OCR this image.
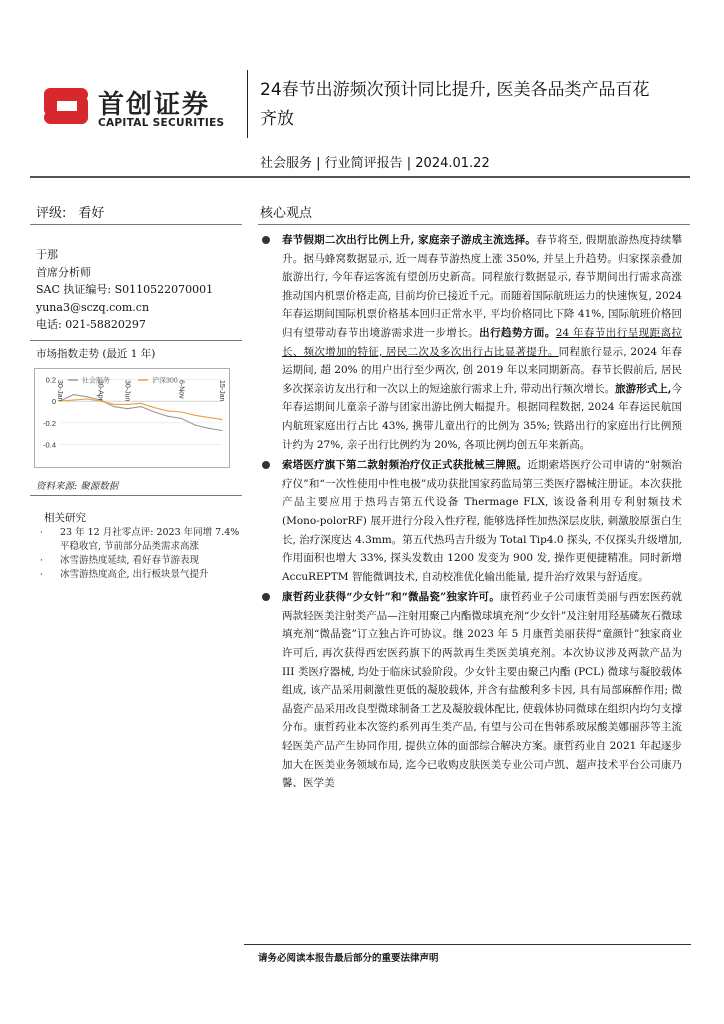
首创证券
CAPITAL SECURITIES
24春节出游频次预计同比提升, 医美各品类产品百花
齐放
社会服务 | 行业简评报告 | 2024.01.22
评级: 看好	核心观点
于那
首席分析师
SAC 执证编号: S0110522070001
yuna3@sczq.com.cn
电话: 021-58820297
市场指数走势 (最近 1 年)
0.2
0
-0.2
-0.4
30-Jan	30-Apr	30-Jun	6-Nov	15-Jan
社会服务	沪深300
资料来源: 聚源数据
相关研究
· 23 年 12 月社零点评: 2023 年同增 7.4% 平稳收官, 节前部分品类需求高涨
· 冰雪游热度延续, 看好春节游表现
· 冰雪游热度高企, 出行板块景气提升
春节假期二次出行比例上升, 家庭亲子游成主流选择。春节将至, 假期旅游热度持续攀升。据马蜂窝数据显示, 近一周春节游热度上涨 350%, 并呈上升趋势。归家探亲叠加旅游出行, 今年春运客流有望创历史新高。同程旅行数据显示, 春节期间出行需求高涨推动国内机票价格走高, 目前均价已接近千元。而随着国际航班运力的快速恢复, 2024 年春运期间国际机票价格基本回归正常水平, 平均价格同比下降 41%, 国际航班价格回归有望带动春节出境游需求进一步增长。出行趋势方面。24 年春节出行呈现距离拉长、频次增加的特征, 居民二次及多次出行占比显著提升。同程旅行显示, 2024 年春运期间, 超 20% 的用户出行至少两次, 创 2019 年以来同期新高。春节长假前后, 居民多次探亲访友出行和一次以上的短途旅行需求上升, 带动出行频次增长。旅游形式上,今年春运期间儿童亲子游与团家出游比例大幅提升。根据同程数据, 2024 年春运民航国内航班家庭出行占比 43%, 携带儿童出行的比例为 35%; 铁路出行的家庭出行比例预计约为 27%, 亲子出行比例约为 20%, 各项比例均创五年来新高。
索塔医疗旗下第二款射频治疗仪正式获批械三牌照。近期索塔医疗公司申请的“射频治疗仪”和“一次性使用中性电极”成功获批国家药监局第三类医疗器械注册证。本次获批产品主要应用于热玛吉第五代设备 Thermage FLX, 该设备利用专利射频技术 (Mono-polorRF) 展开进行分段入性疗程, 能够选择性加热深层皮肤, 刺激胶原蛋白生长, 治疗深度达 4.3mm。第五代热玛吉升级为 Total Tip4.0 探头, 不仅探头升级增加, 作用面积也增大 33%, 探头发数由 1200 发变为 900 发, 操作更便捷精准。同时新增 AccuREPTM 智能微调技术, 自动校准优化输出能量, 提升治疗效果与舒适度。
康哲药业获得“少女针”和“微晶瓷”独家许可。康哲药业子公司康哲美丽与西宏医药就两款轻医美注射类产品—注射用聚己内酯微球填充剂“少女针”及注射用羟基磷灰石微球填充剂“微晶瓷”订立独占许可协议。继 2023 年 5 月康哲美丽获得“童颜针”独家商业许可后, 再次获得西宏医药旗下的两款再生类医美填充剂。本次协议涉及两款产品为 III 类医疗器械, 均处于临床试验阶段。少女针主要由聚己内酯 (PCL) 微球与凝胶载体组成, 该产品采用刺激性更低的凝胶载体, 并含有盐酸利多卡因, 具有局部麻醉作用; 微晶瓷产品采用改良型微球制备工艺及凝胶载体配比, 使载体协同微球在组织内均匀支撑分布。康哲药业本次签约系列再生类产品, 有望与公司在售韩系玻尿酸美娜丽莎等主流轻医美产品产生协同作用, 提供立体的面部综合解决方案。康哲药业自 2021 年起逐步加大在医美业务领域布局, 迄今已收购皮肤医美专业公司卢凯、超声技术平台公司康乃馨、医学美
请务必阅读本报告最后部分的重要法律声明
